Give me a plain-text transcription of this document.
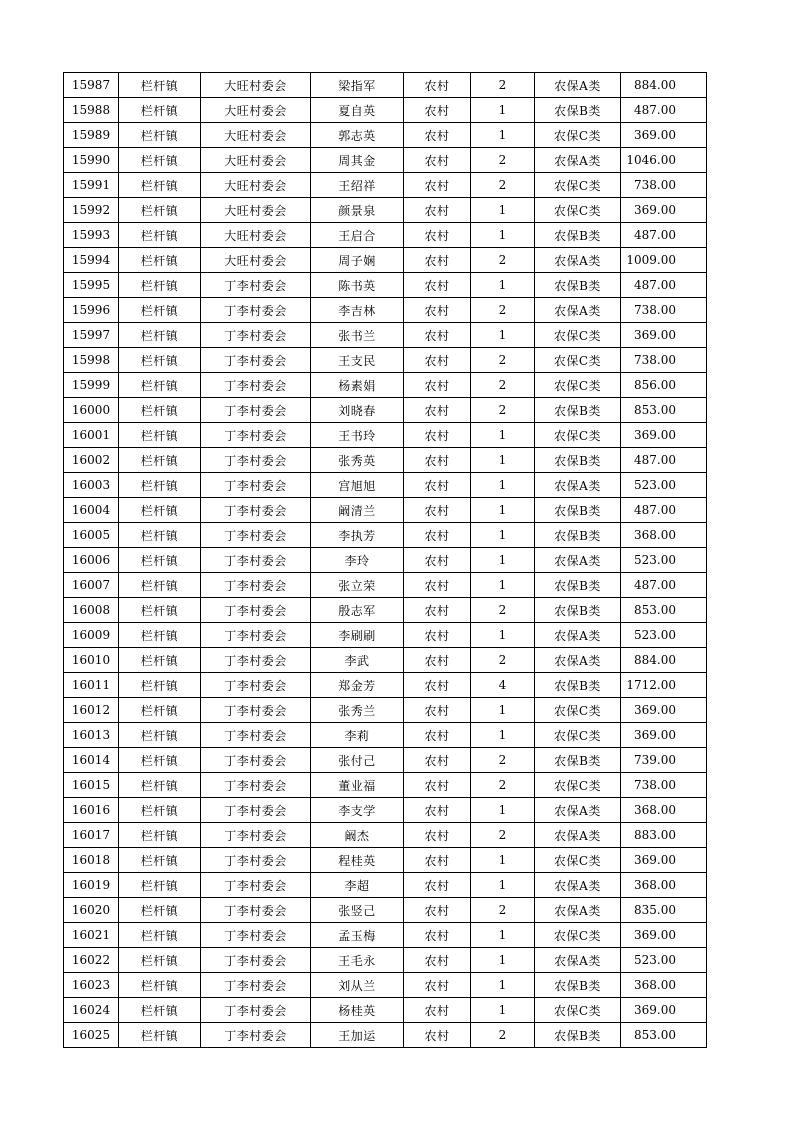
15987	栏杆镇	大旺村委会	梁指军	农村	2	农保A类	884.00
15988	栏杆镇	大旺村委会	夏自英	农村	1	农保B类	487.00
15989	栏杆镇	大旺村委会	郭志英	农村	1	农保C类	369.00
15990	栏杆镇	大旺村委会	周其金	农村	2	农保A类	1046.00
15991	栏杆镇	大旺村委会	王绍祥	农村	2	农保C类	738.00
15992	栏杆镇	大旺村委会	颜景泉	农村	1	农保C类	369.00
15993	栏杆镇	大旺村委会	王启合	农村	1	农保B类	487.00
15994	栏杆镇	大旺村委会	周子娴	农村	2	农保A类	1009.00
15995	栏杆镇	丁李村委会	陈书英	农村	1	农保B类	487.00
15996	栏杆镇	丁李村委会	李吉林	农村	2	农保A类	738.00
15997	栏杆镇	丁李村委会	张书兰	农村	1	农保C类	369.00
15998	栏杆镇	丁李村委会	王支民	农村	2	农保C类	738.00
15999	栏杆镇	丁李村委会	杨素娟	农村	2	农保C类	856.00
16000	栏杆镇	丁李村委会	刘晓春	农村	2	农保B类	853.00
16001	栏杆镇	丁李村委会	王书玲	农村	1	农保C类	369.00
16002	栏杆镇	丁李村委会	张秀英	农村	1	农保B类	487.00
16003	栏杆镇	丁李村委会	宫旭旭	农村	1	农保A类	523.00
16004	栏杆镇	丁李村委会	阚清兰	农村	1	农保B类	487.00
16005	栏杆镇	丁李村委会	李执芳	农村	1	农保B类	368.00
16006	栏杆镇	丁李村委会	李玲	农村	1	农保A类	523.00
16007	栏杆镇	丁李村委会	张立荣	农村	1	农保B类	487.00
16008	栏杆镇	丁李村委会	殷志军	农村	2	农保B类	853.00
16009	栏杆镇	丁李村委会	李刷刷	农村	1	农保A类	523.00
16010	栏杆镇	丁李村委会	李武	农村	2	农保A类	884.00
16011	栏杆镇	丁李村委会	郑金芳	农村	4	农保B类	1712.00
16012	栏杆镇	丁李村委会	张秀兰	农村	1	农保C类	369.00
16013	栏杆镇	丁李村委会	李莉	农村	1	农保C类	369.00
16014	栏杆镇	丁李村委会	张付己	农村	2	农保B类	739.00
16015	栏杆镇	丁李村委会	董业福	农村	2	农保C类	738.00
16016	栏杆镇	丁李村委会	李支学	农村	1	农保A类	368.00
16017	栏杆镇	丁李村委会	阚杰	农村	2	农保A类	883.00
16018	栏杆镇	丁李村委会	程桂英	农村	1	农保C类	369.00
16019	栏杆镇	丁李村委会	李超	农村	1	农保A类	368.00
16020	栏杆镇	丁李村委会	张竖己	农村	2	农保A类	835.00
16021	栏杆镇	丁李村委会	孟玉梅	农村	1	农保C类	369.00
16022	栏杆镇	丁李村委会	王毛永	农村	1	农保A类	523.00
16023	栏杆镇	丁李村委会	刘从兰	农村	1	农保B类	368.00
16024	栏杆镇	丁李村委会	杨桂英	农村	1	农保C类	369.00
16025	栏杆镇	丁李村委会	王加运	农村	2	农保B类	853.00
